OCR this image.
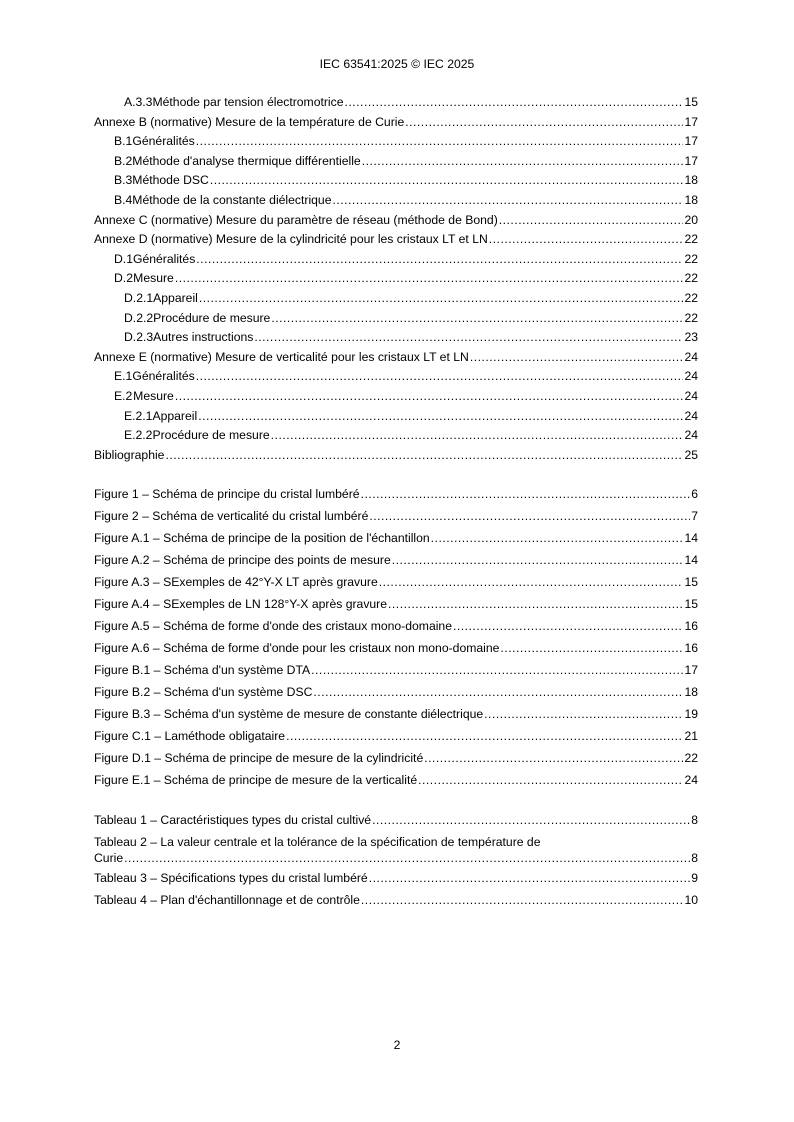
IEC 63541:2025 © IEC 2025
A.3.3 Méthode par tension électromotrice .....	15
Annexe B (normative) Mesure de la température de Curie .....	17
B.1 Généralités .....	17
B.2 Méthode d'analyse thermique différentielle .....	17
B.3 Méthode DSC .....	18
B.4 Méthode de la constante diélectrique .....	18
Annexe C (normative) Mesure du paramètre de réseau (méthode de Bond) .....	20
Annexe D (normative) Mesure de la cylindricité pour les cristaux LT et LN .....	22
D.1 Généralités .....	22
D.2 Mesure .....	22
D.2.1 Appareil .....	22
D.2.2 Procédure de mesure .....	22
D.2.3 Autres instructions .....	23
Annexe E (normative) Mesure de verticalité pour les cristaux LT et LN .....	24
E.1 Généralités .....	24
E.2 Mesure .....	24
E.2.1 Appareil .....	24
E.2.2 Procédure de mesure .....	24
Bibliographie .....	25
Figure 1 – Schéma de principe du cristal lumbéré .....	6
Figure 2 – Schéma de verticalité du cristal lumbéré .....	7
Figure A.1 – Schéma de principe de la position de l'échantillon .....	14
Figure A.2 – Schéma de principe des points de mesure .....	14
Figure A.3 – SExemples de 42°Y-X LT après gravure .....	15
Figure A.4 – SExemples de LN 128°Y-X après gravure .....	15
Figure A.5 – Schéma de forme d'onde des cristaux mono-domaine .....	16
Figure A.6 – Schéma de forme d'onde pour les cristaux non mono-domaine .....	16
Figure B.1 – Schéma d'un système DTA .....	17
Figure B.2 – Schéma d'un système DSC .....	18
Figure B.3 – Schéma d'un système de mesure de constante diélectrique .....	19
Figure C.1 – Laméthode obligataire .....	21
Figure D.1 – Schéma de principe de mesure de la cylindricité .....	22
Figure E.1 – Schéma de principe de mesure de la verticalité .....	24
Tableau 1 – Caractéristiques types du cristal cultivé .....	8
Tableau 2 – La valeur centrale et la tolérance de la spécification de température de
Curie .....	8
Tableau 3 – Spécifications types du cristal lumbéré .....	9
Tableau 4 – Plan d'échantillonnage et de contrôle .....	10
2
